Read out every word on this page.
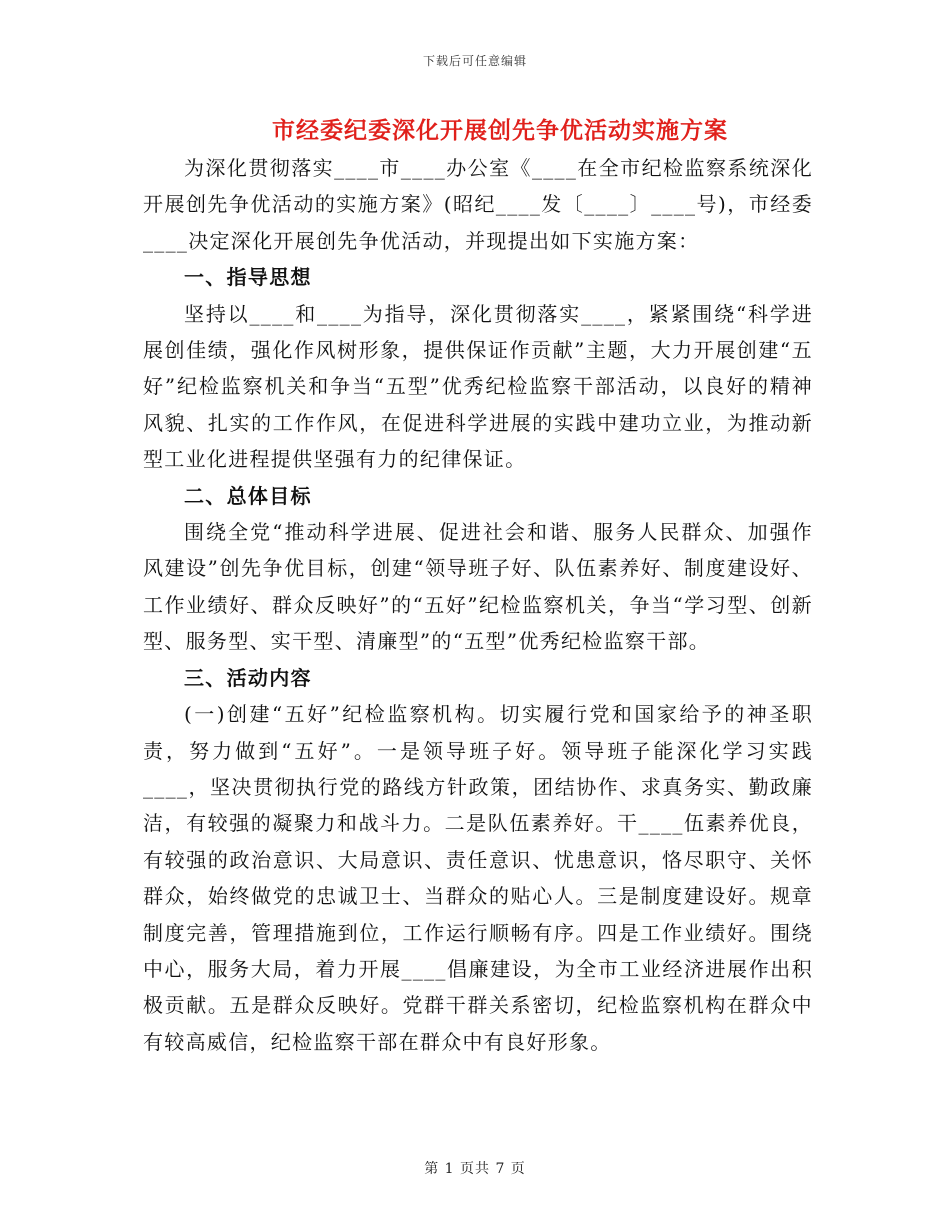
下载后可任意编辑
市经委纪委深化开展创先争优活动实施方案

为深化贯彻落实____市____办公室《____在全市纪检监察系统深化开展创先争优活动的实施方案》(昭纪____发〔____〕____号)，市经委____决定深化开展创先争优活动，并现提出如下实施方案：

一、指导思想

坚持以____和____为指导，深化贯彻落实____，紧紧围绕“科学进展创佳绩，强化作风树形象，提供保证作贡献”主题，大力开展创建“五好”纪检监察机关和争当“五型”优秀纪检监察干部活动，以良好的精神风貌、扎实的工作作风，在促进科学进展的实践中建功立业，为推动新型工业化进程提供坚强有力的纪律保证。

二、总体目标

围绕全党“推动科学进展、促进社会和谐、服务人民群众、加强作风建设”创先争优目标，创建“领导班子好、队伍素养好、制度建设好、工作业绩好、群众反映好”的“五好”纪检监察机关，争当“学习型、创新型、服务型、实干型、清廉型”的“五型”优秀纪检监察干部。

三、活动内容

(一)创建“五好”纪检监察机构。切实履行党和国家给予的神圣职责，努力做到“五好”。一是领导班子好。领导班子能深化学习实践____，坚决贯彻执行党的路线方针政策，团结协作、求真务实、勤政廉洁，有较强的凝聚力和战斗力。二是队伍素养好。干____伍素养优良，有较强的政治意识、大局意识、责任意识、忧患意识，恪尽职守、关怀群众，始终做党的忠诚卫士、当群众的贴心人。三是制度建设好。规章制度完善，管理措施到位，工作运行顺畅有序。四是工作业绩好。围绕中心，服务大局，着力开展____倡廉建设，为全市工业经济进展作出积极贡献。五是群众反映好。党群干群关系密切，纪检监察机构在群众中有较高威信，纪检监察干部在群众中有良好形象。

第 1 页共 7 页
